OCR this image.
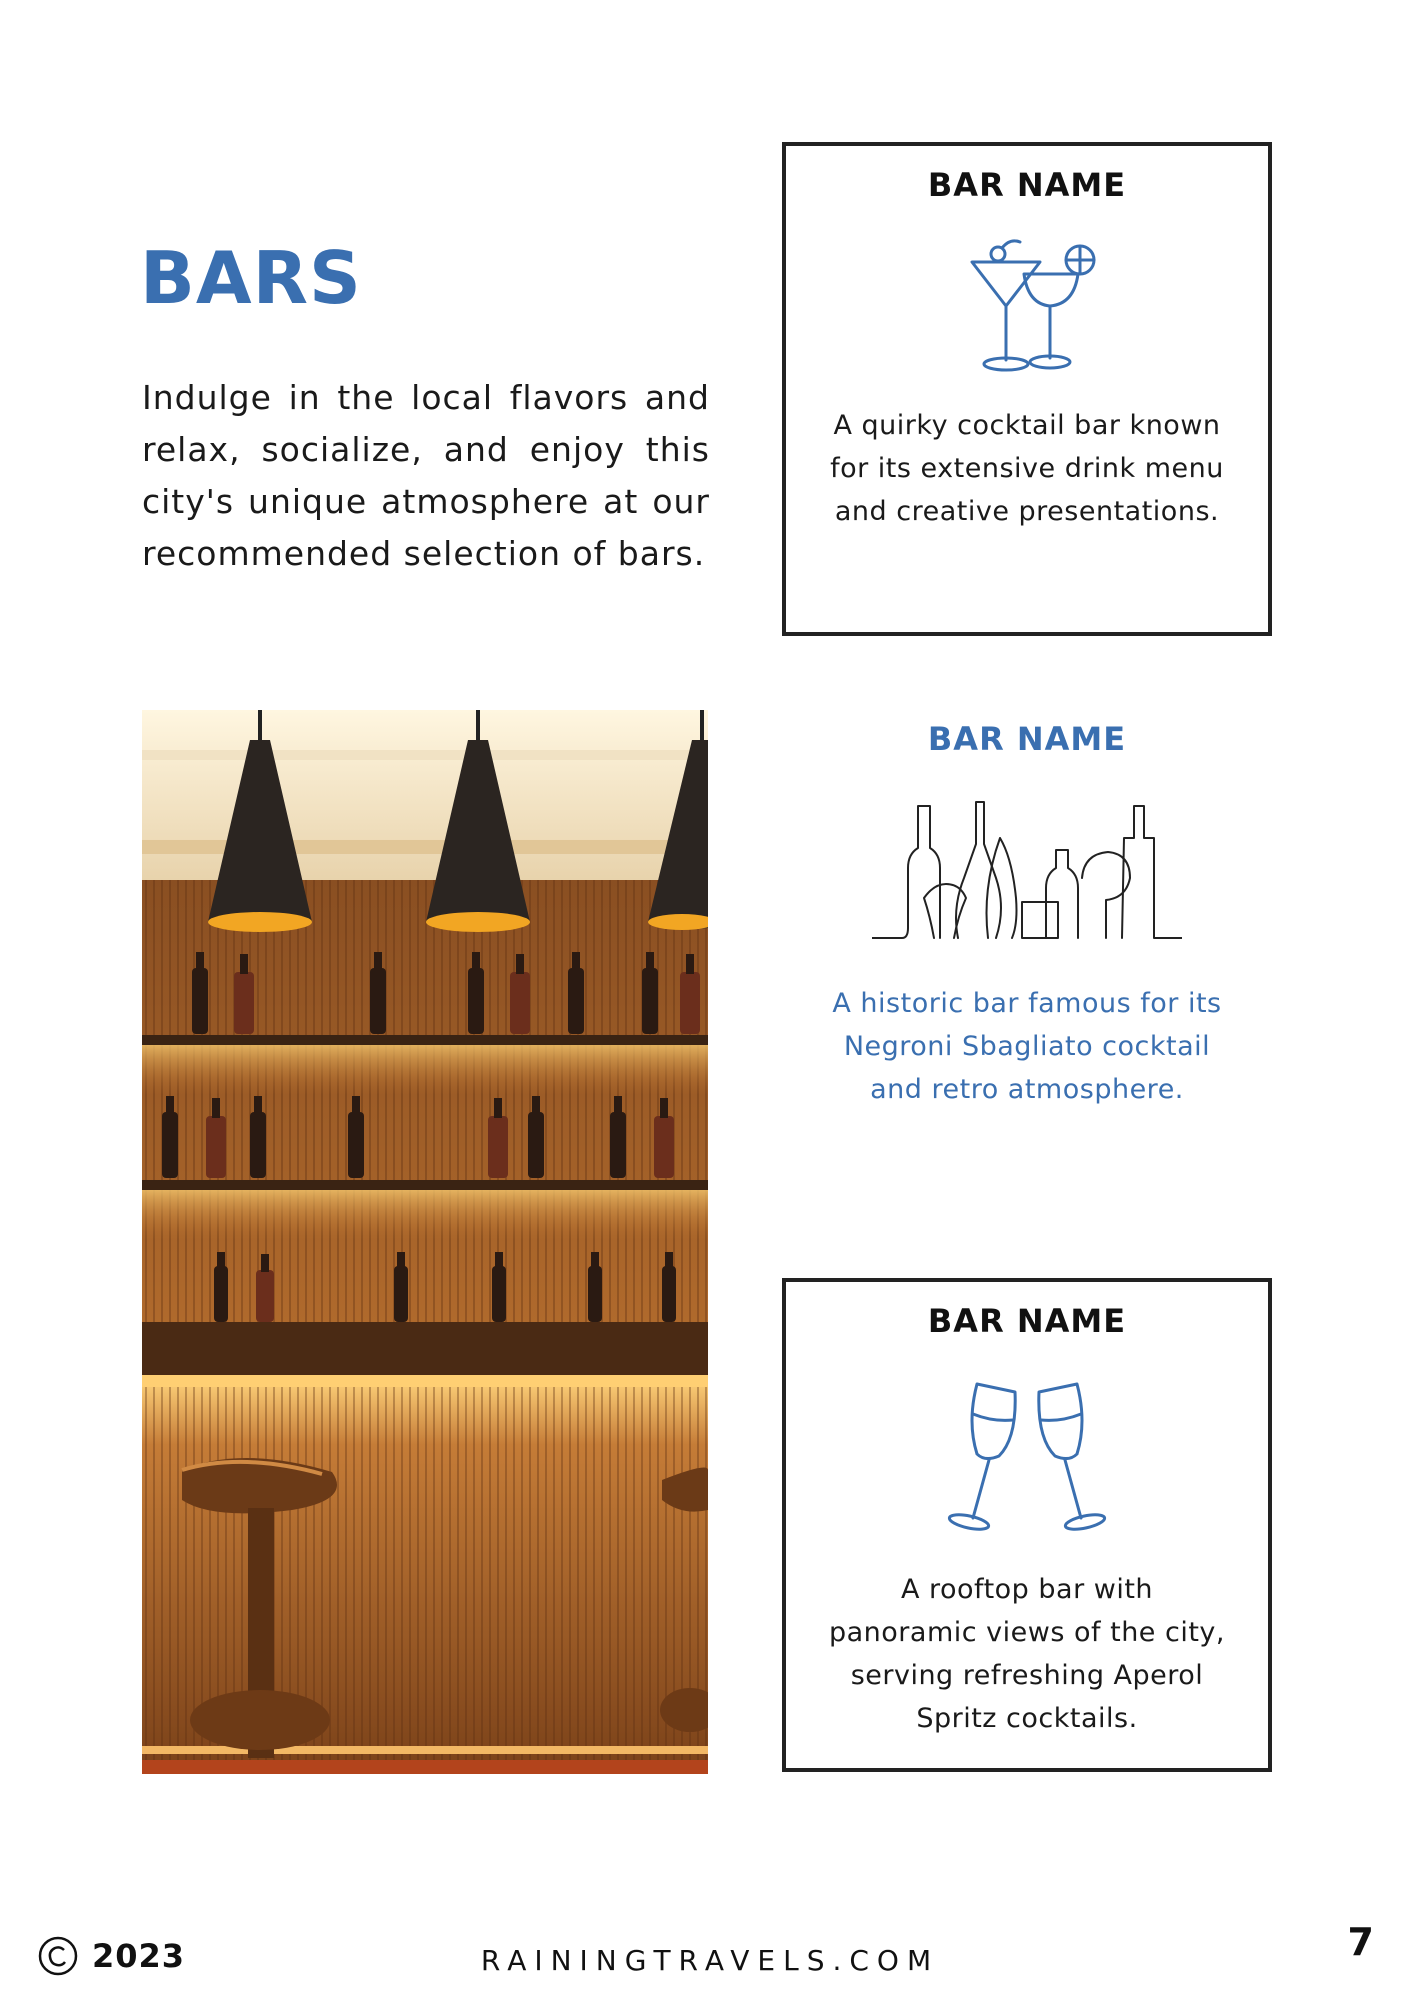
BARS

Indulge in the local flavors and relax, socialize, and enjoy this city's unique atmosphere at our recommended selection of bars.

BAR NAME

A quirky cocktail bar known for its extensive drink menu and creative presentations.

BAR NAME

A historic bar famous for its Negroni Sbagliato cocktail and retro atmosphere.

BAR NAME

A rooftop bar with panoramic views of the city, serving refreshing Aperol Spritz cocktails.

2023	RAININGTRAVELS.COM	7
